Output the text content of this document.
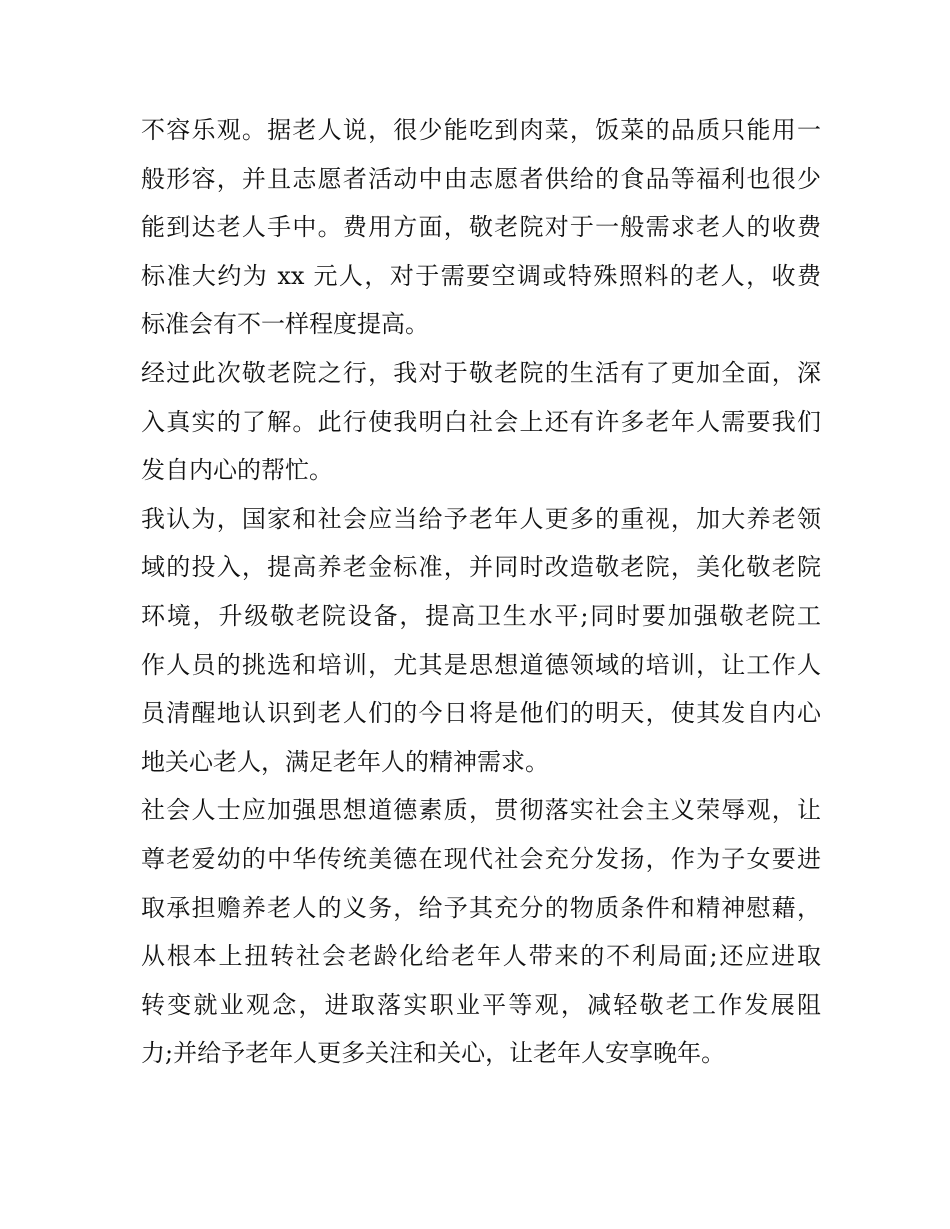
不容乐观。据老人说，很少能吃到肉菜，饭菜的品质只能用一
般形容，并且志愿者活动中由志愿者供给的食品等福利也很少
能到达老人手中。费用方面，敬老院对于一般需求老人的收费
标准大约为 xx 元人，对于需要空调或特殊照料的老人，收费
标准会有不一样程度提高。
经过此次敬老院之行，我对于敬老院的生活有了更加全面，深
入真实的了解。此行使我明白社会上还有许多老年人需要我们
发自内心的帮忙。
我认为，国家和社会应当给予老年人更多的重视，加大养老领
域的投入，提高养老金标准，并同时改造敬老院，美化敬老院
环境，升级敬老院设备，提高卫生水平;同时要加强敬老院工
作人员的挑选和培训，尤其是思想道德领域的培训，让工作人
员清醒地认识到老人们的今日将是他们的明天，使其发自内心
地关心老人，满足老年人的精神需求。
社会人士应加强思想道德素质，贯彻落实社会主义荣辱观，让
尊老爱幼的中华传统美德在现代社会充分发扬，作为子女要进
取承担赡养老人的义务，给予其充分的物质条件和精神慰藉，
从根本上扭转社会老龄化给老年人带来的不利局面;还应进取
转变就业观念，进取落实职业平等观，减轻敬老工作发展阻
力;并给予老年人更多关注和关心，让老年人安享晚年。
